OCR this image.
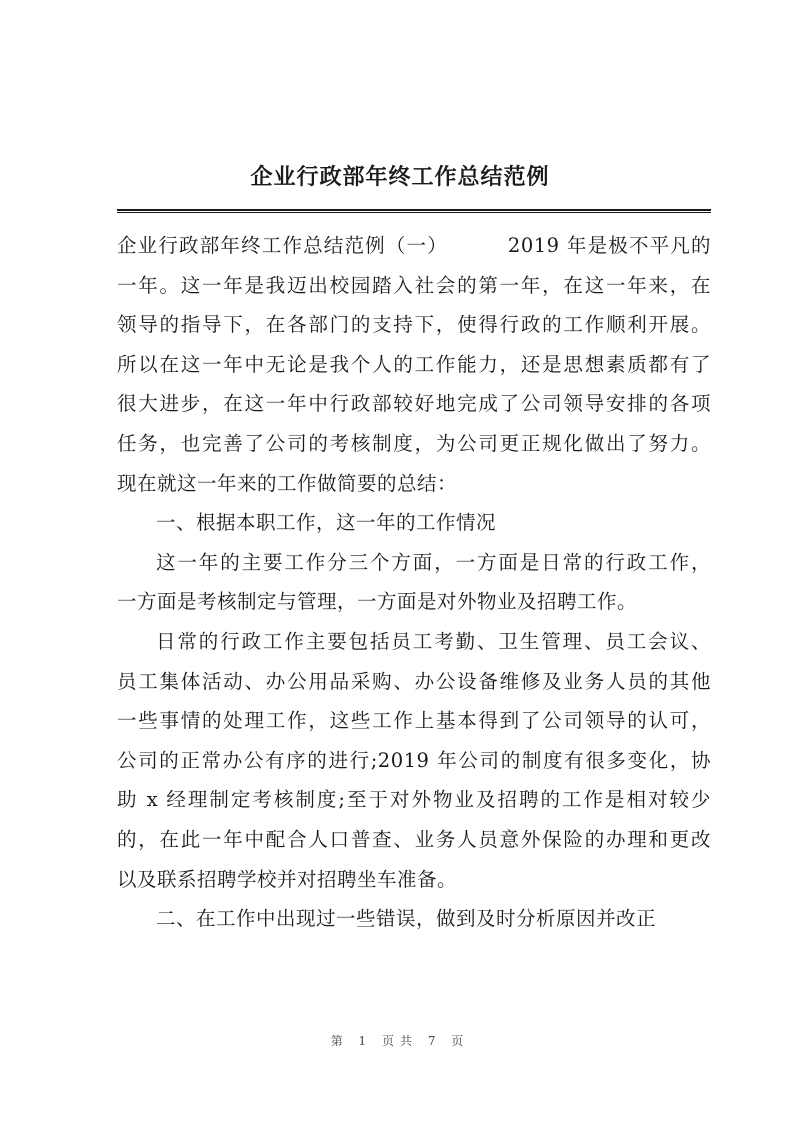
企业行政部年终工作总结范例
企业行政部年终工作总结范例（一）	2019 年是极不平凡的
一年。这一年是我迈出校园踏入社会的第一年，在这一年来，在
领导的指导下，在各部门的支持下，使得行政的工作顺利开展。
所以在这一年中无论是我个人的工作能力，还是思想素质都有了
很大进步，在这一年中行政部较好地完成了公司领导安排的各项
任务，也完善了公司的考核制度，为公司更正规化做出了努力。
现在就这一年来的工作做简要的总结：
一、根据本职工作，这一年的工作情况
这一年的主要工作分三个方面，一方面是日常的行政工作，
一方面是考核制定与管理，一方面是对外物业及招聘工作。
日常的行政工作主要包括员工考勤、卫生管理、员工会议、
员工集体活动、办公用品采购、办公设备维修及业务人员的其他
一些事情的处理工作，这些工作上基本得到了公司领导的认可，
公司的正常办公有序的进行;2019 年公司的制度有很多变化，协
助 x 经理制定考核制度;至于对外物业及招聘的工作是相对较少
的，在此一年中配合人口普查、业务人员意外保险的办理和更改
以及联系招聘学校并对招聘坐车准备。
二、在工作中出现过一些错误，做到及时分析原因并改正
第 1 页共 7 页
